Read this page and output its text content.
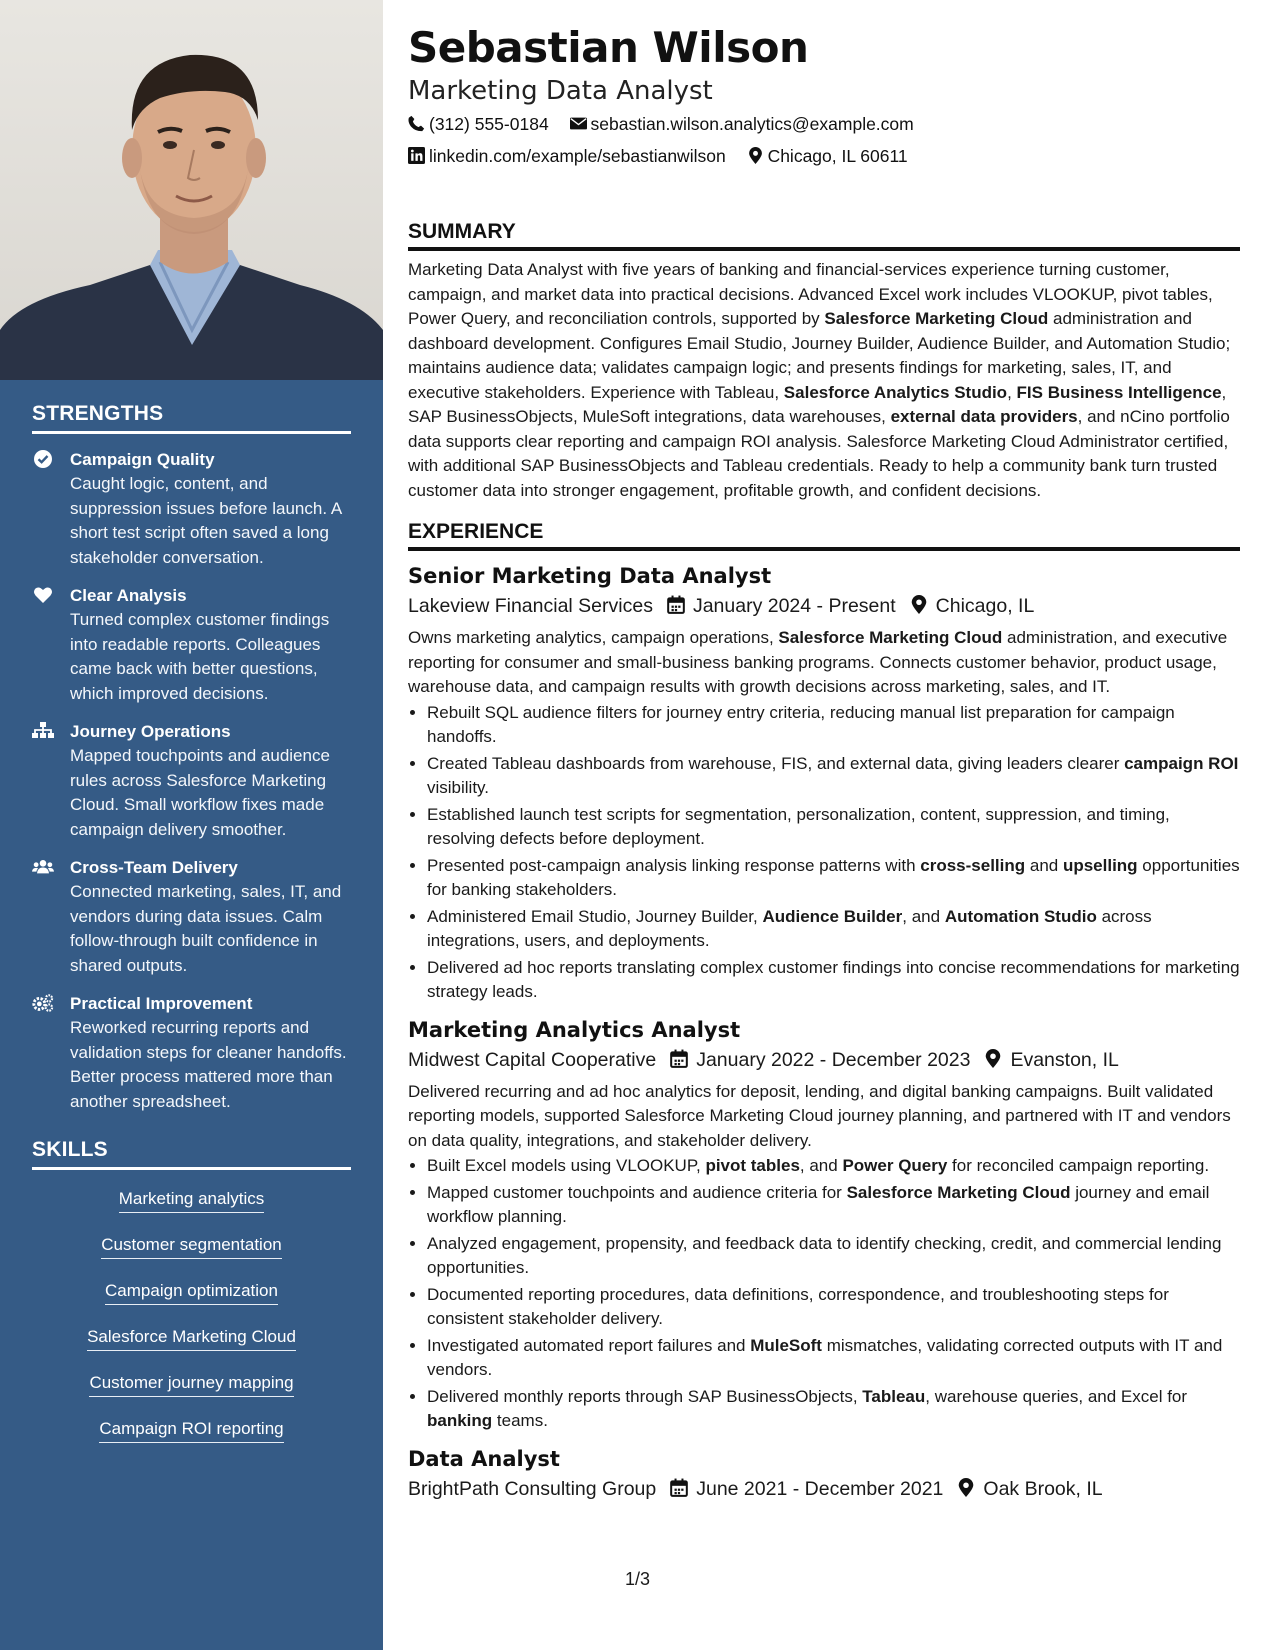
STRENGTHS
Campaign Quality
Caught logic, content, and suppression issues before launch. A short test script often saved a long stakeholder conversation.
Clear Analysis
Turned complex customer findings into readable reports. Colleagues came back with better questions, which improved decisions.
Journey Operations
Mapped touchpoints and audience rules across Salesforce Marketing Cloud. Small workflow fixes made campaign delivery smoother.
Cross-Team Delivery
Connected marketing, sales, IT, and vendors during data issues. Calm follow-through built confidence in shared outputs.
Practical Improvement
Reworked recurring reports and validation steps for cleaner handoffs. Better process mattered more than another spreadsheet.
SKILLS
Marketing analytics
Customer segmentation
Campaign optimization
Salesforce Marketing Cloud
Customer journey mapping
Campaign ROI reporting
Sebastian Wilson
Marketing Data Analyst
(312) 555-0184 sebastian.wilson.analytics@example.com
linkedin.com/example/sebastianwilson Chicago, IL 60611
SUMMARY

Marketing Data Analyst with five years of banking and financial-services experience turning customer, campaign, and market data into practical decisions. Advanced Excel work includes VLOOKUP, pivot tables, Power Query, and reconciliation controls, supported by Salesforce Marketing Cloud administration and dashboard development. Configures Email Studio, Journey Builder, Audience Builder, and Automation Studio; maintains audience data; validates campaign logic; and presents findings for marketing, sales, IT, and executive stakeholders. Experience with Tableau, Salesforce Analytics Studio, FIS Business Intelligence, SAP BusinessObjects, MuleSoft integrations, data warehouses, external data providers, and nCino portfolio data supports clear reporting and campaign ROI analysis. Salesforce Marketing Cloud Administrator certified, with additional SAP BusinessObjects and Tableau credentials. Ready to help a community bank turn trusted customer data into stronger engagement, profitable growth, and confident decisions.

EXPERIENCE
Senior Marketing Data Analyst
Lakeview Financial Services January 2024 - Present Chicago, IL

Owns marketing analytics, campaign operations, Salesforce Marketing Cloud administration, and executive reporting for consumer and small-business banking programs. Connects customer behavior, product usage, warehouse data, and campaign results with growth decisions across marketing, sales, and IT.

• Rebuilt SQL audience filters for journey entry criteria, reducing manual list preparation for campaign handoffs.
• Created Tableau dashboards from warehouse, FIS, and external data, giving leaders clearer campaign ROI visibility.
• Established launch test scripts for segmentation, personalization, content, suppression, and timing, resolving defects before deployment.
• Presented post-campaign analysis linking response patterns with cross-selling and upselling opportunities for banking stakeholders.
• Administered Email Studio, Journey Builder, Audience Builder, and Automation Studio across integrations, users, and deployments.
• Delivered ad hoc reports translating complex customer findings into concise recommendations for marketing strategy leads.
Marketing Analytics Analyst
Midwest Capital Cooperative January 2022 - December 2023 Evanston, IL

Delivered recurring and ad hoc analytics for deposit, lending, and digital banking campaigns. Built validated reporting models, supported Salesforce Marketing Cloud journey planning, and partnered with IT and vendors on data quality, integrations, and stakeholder delivery.

• Built Excel models using VLOOKUP, pivot tables, and Power Query for reconciled campaign reporting.
• Mapped customer touchpoints and audience criteria for Salesforce Marketing Cloud journey and email workflow planning.
• Analyzed engagement, propensity, and feedback data to identify checking, credit, and commercial lending opportunities.
• Documented reporting procedures, data definitions, correspondence, and troubleshooting steps for consistent stakeholder delivery.
• Investigated automated report failures and MuleSoft mismatches, validating corrected outputs with IT and vendors.
• Delivered monthly reports through SAP BusinessObjects, Tableau, warehouse queries, and Excel for banking teams.
Data Analyst
BrightPath Consulting Group June 2021 - December 2021 Oak Brook, IL
1/3
